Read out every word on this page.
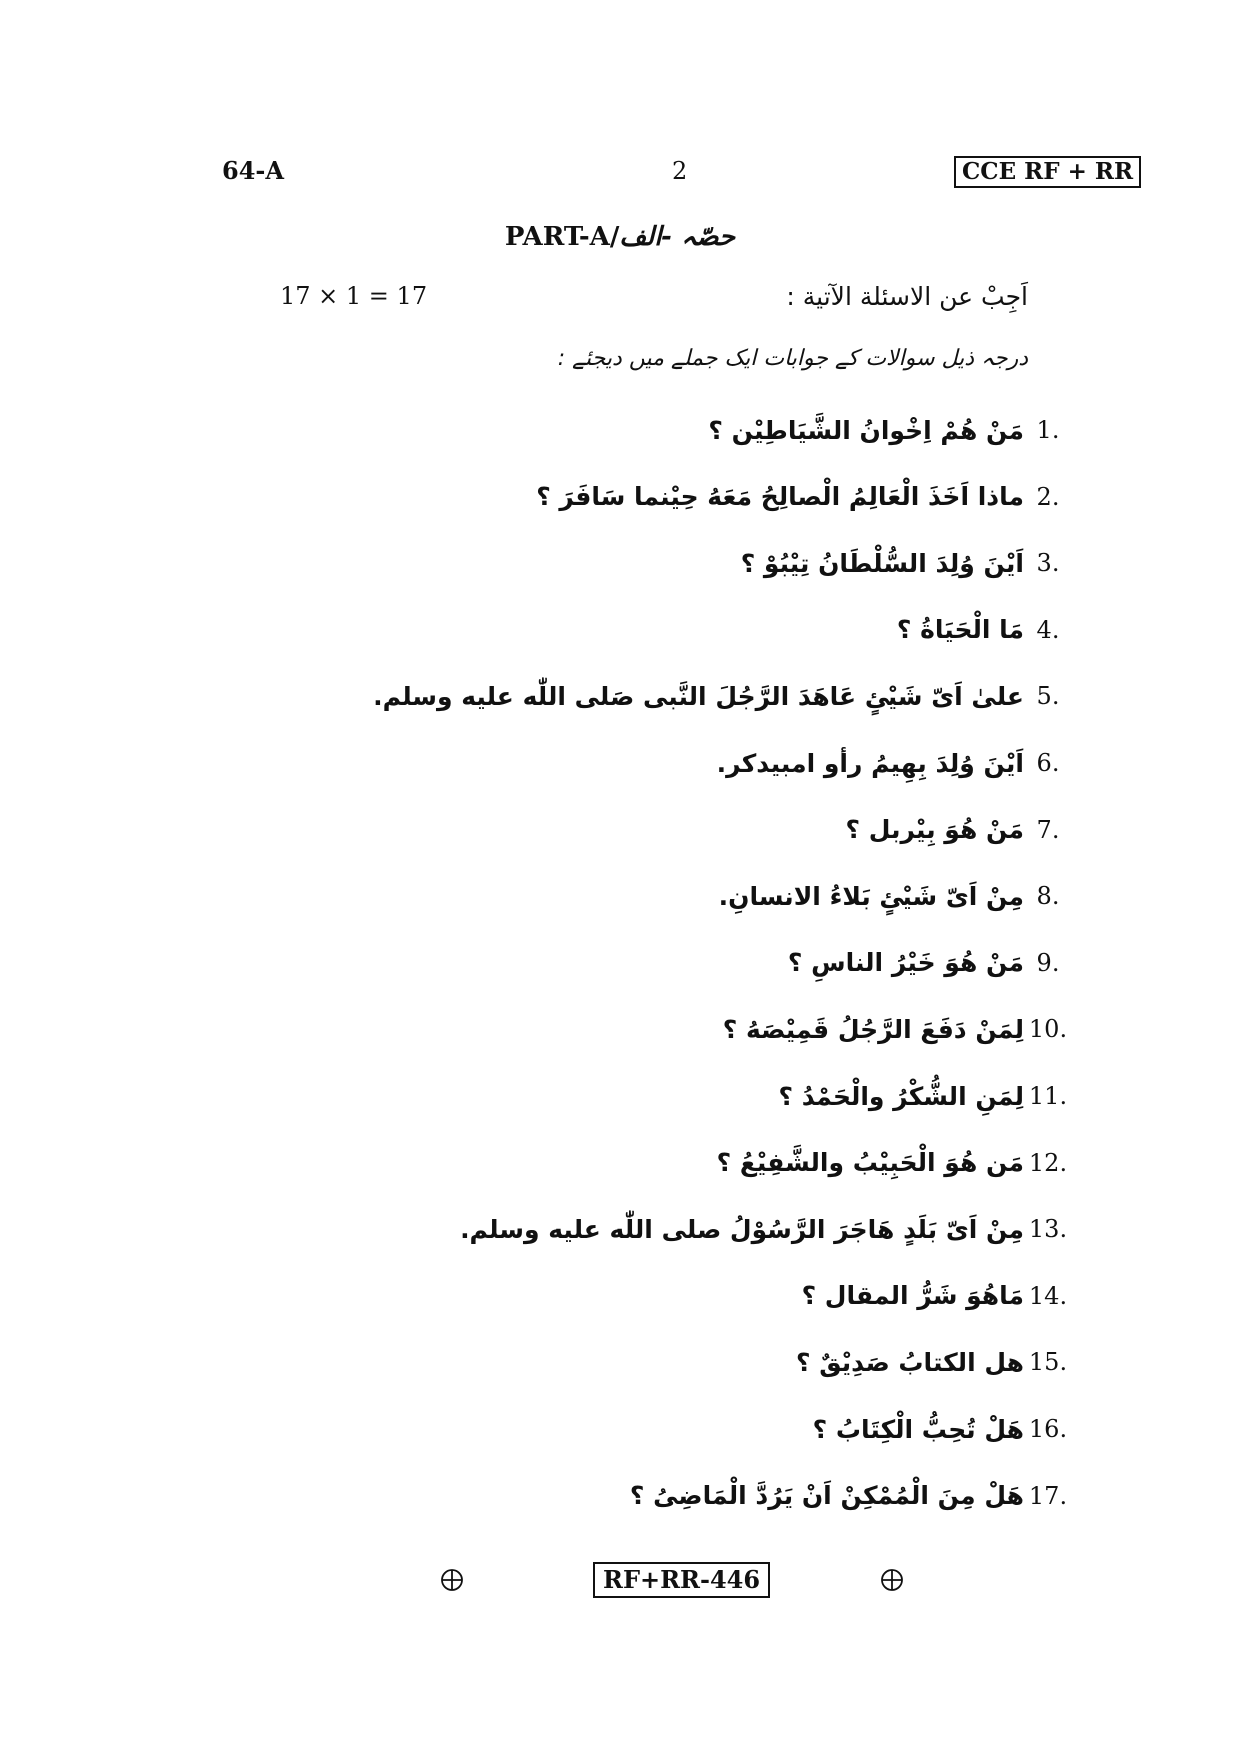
64-A	2	CCE RF + RR
PART-A/حصّہ -الف
17 × 1 = 17	اَجِبْ عن الاسئلة الآتية :
درجہ ذیل سوالات کے جوابات ایک جملے میں دیجئے :
1.
مَنْ هُمْ اِخْوانُ الشَّيَاطِيْن ؟
2.
ماذا اَخَذَ الْعَالِمُ الْصالِحُ مَعَهُ حِيْنما سَافَرَ ؟
3.
اَيْنَ وُلِدَ السُّلْطَانُ تِيْبُوْ ؟
4.
مَا الْحَيَاةُ ؟
5.
علىٰ اَىّ شَيْئٍ عَاهَدَ الرَّجُلَ النَّبى صَلى اللّٰه عليه وسلم.
6.
اَيْنَ وُلِدَ بِهِيمُ رأو امبيدكر.
7.
مَنْ هُوَ بِيْربل ؟
8.
مِنْ اَىّ شَيْئٍ بَلاءُ الانسانِ.
9.
مَنْ هُوَ خَيْرُ الناسِ ؟
10.
لِمَنْ دَفَعَ الرَّجُلُ قَمِيْصَهُ ؟
11.
لِمَنِ الشُّكْرُ والْحَمْدُ ؟
12.
مَن هُوَ الْحَبِيْبُ والشَّفِيْعُ ؟
13.
مِنْ اَىّ بَلَدٍ هَاجَرَ الرَّسُوْلُ صلى اللّٰه عليه وسلم.
14.
مَاهُوَ شَرُّ المقال ؟
15.
هل الكتابُ صَدِيْقٌ ؟
16.
هَلْ تُحِبُّ الْكِتَابُ ؟
17.
هَلْ مِنَ الْمُمْكِنْ اَنْ يَرُدَّ الْمَاضِىُ ؟
RF+RR-446
